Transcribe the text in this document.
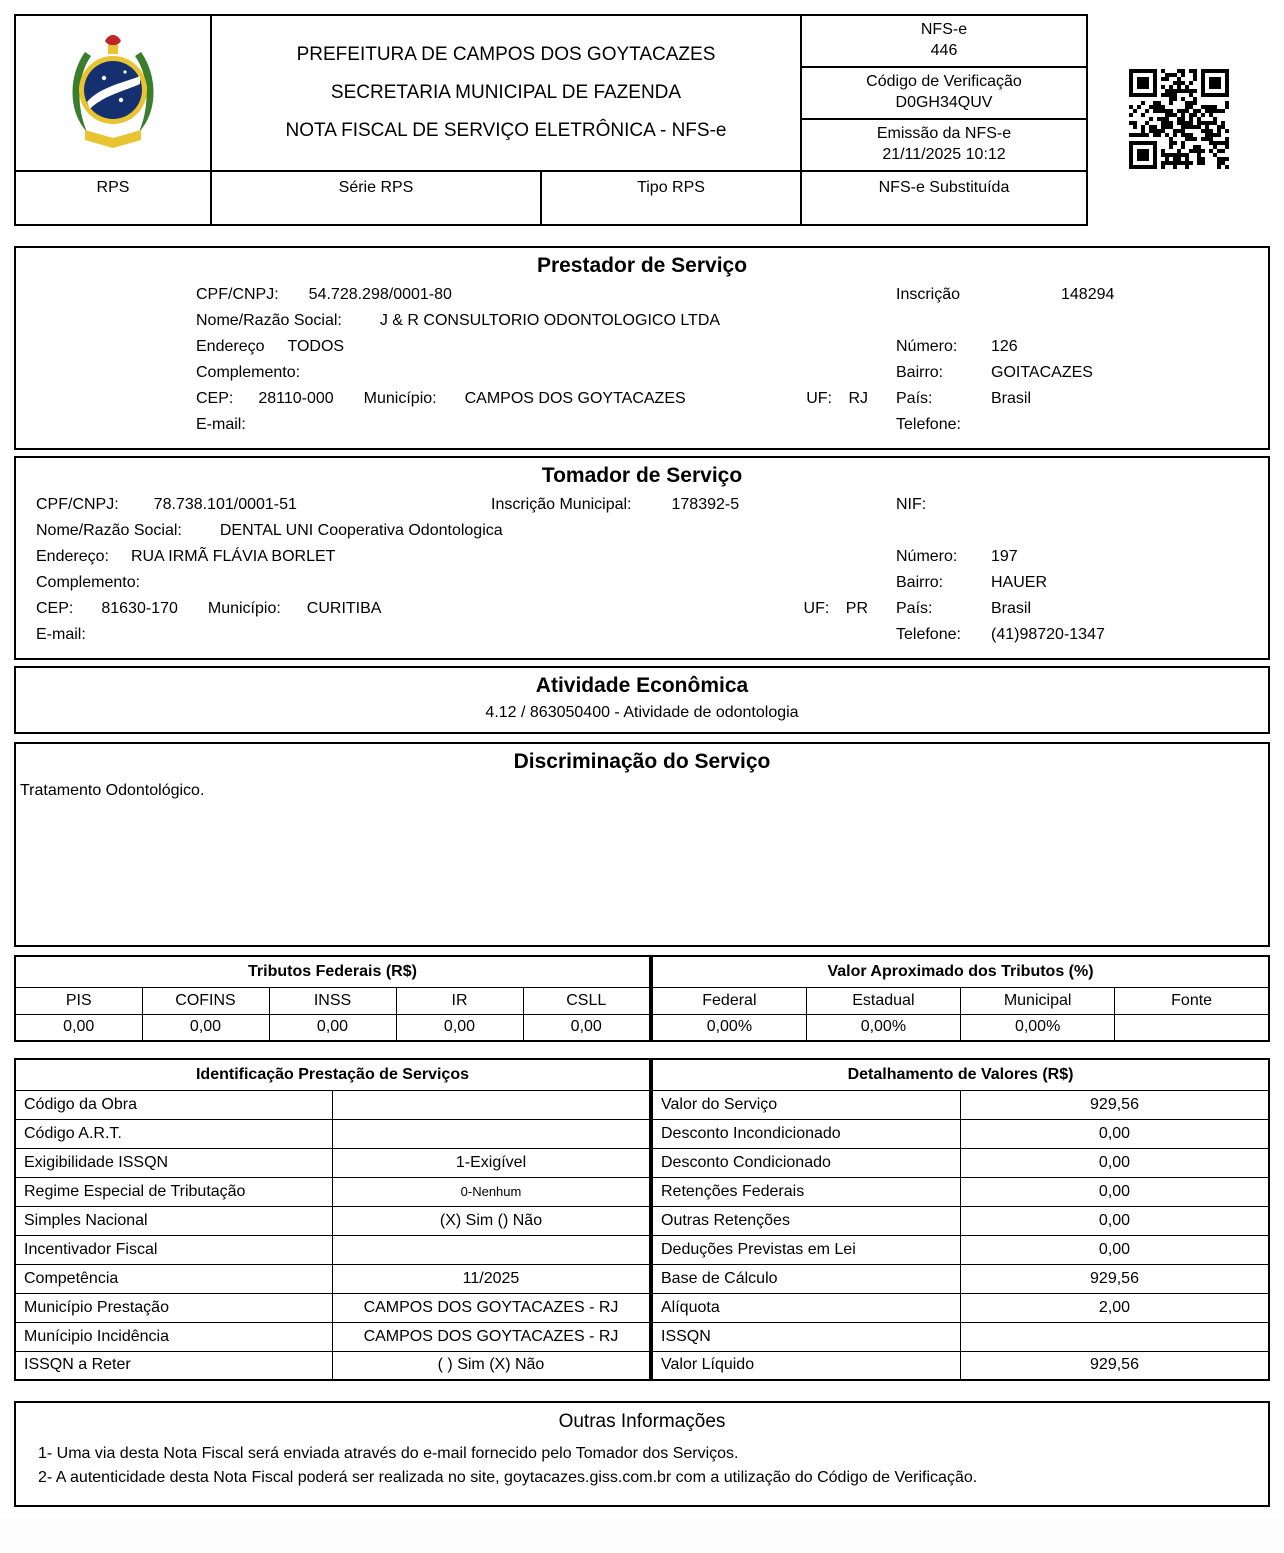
PREFEITURA DE CAMPOS DOS GOYTACAZES
SECRETARIA MUNICIPAL DE FAZENDA
NOTA FISCAL DE SERVIÇO ELETRÔNICA - NFS-e
NFS-e
446
Código de Verificação
D0GH34QUV
Emissão da NFS-e
21/11/2025 10:12
RPS	Série RPS	Tipo RPS	NFS-e Substituída
Prestador de Serviço
CPF/CNPJ: 54.728.298/0001-80	Inscrição	148294
Nome/Razão Social: J & R CONSULTORIO ODONTOLOGICO LTDA
Endereço TODOS	Número:	126
Complemento:	Bairro:	GOITACAZES
CEP: 28110-000 Município: CAMPOS DOS GOYTACAZES	UF: RJ País:	Brasil
E-mail:	Telefone:
Tomador de Serviço
CPF/CNPJ: 78.738.101/0001-51	Inscrição Municipal:	178392-5	NIF:
Nome/Razão Social: DENTAL UNI Cooperativa Odontologica
Endereço: RUA IRMÃ FLÁVIA BORLET	Número:	197
Complemento:	Bairro:	HAUER
CEP: 81630-170 Município: CURITIBA	UF: PR País:	Brasil
E-mail:	Telefone:	(41)98720-1347
Atividade Econômica
4.12 / 863050400 - Atividade de odontologia
Discriminação do Serviço
Tratamento Odontológico.
Tributos Federais (R$)				
PIS	COFINS	INSS	IR	CSLL
0,00	0,00	0,00	0,00	0,00
Valor Aproximado dos Tributos (%)			
Federal	Estadual	Municipal	Fonte
0,00%	0,00%	0,00%	
Identificação Prestação de Serviços	
Código da Obra	
Código A.R.T.	
Exigibilidade ISSQN	1-Exigível
Regime Especial de Tributação	0-Nenhum
Simples Nacional	(X) Sim () Não
Incentivador Fiscal	
Competência	11/2025
Município Prestação	CAMPOS DOS GOYTACAZES - RJ
Munícipio Incidência	CAMPOS DOS GOYTACAZES - RJ
ISSQN a Reter	( ) Sim (X) Não
Detalhamento de Valores (R$)	
Valor do Serviço	929,56
Desconto Incondicionado	0,00
Desconto Condicionado	0,00
Retenções Federais	0,00
Outras Retenções	0,00
Deduções Previstas em Lei	0,00
Base de Cálculo	929,56
Alíquota	2,00
ISSQN	
Valor Líquido	929,56
Outras Informações
1- Uma via desta Nota Fiscal será enviada através do e-mail fornecido pelo Tomador dos Serviços.
2- A autenticidade desta Nota Fiscal poderá ser realizada no site, goytacazes.giss.com.br com a utilização do Código de Verificação.
